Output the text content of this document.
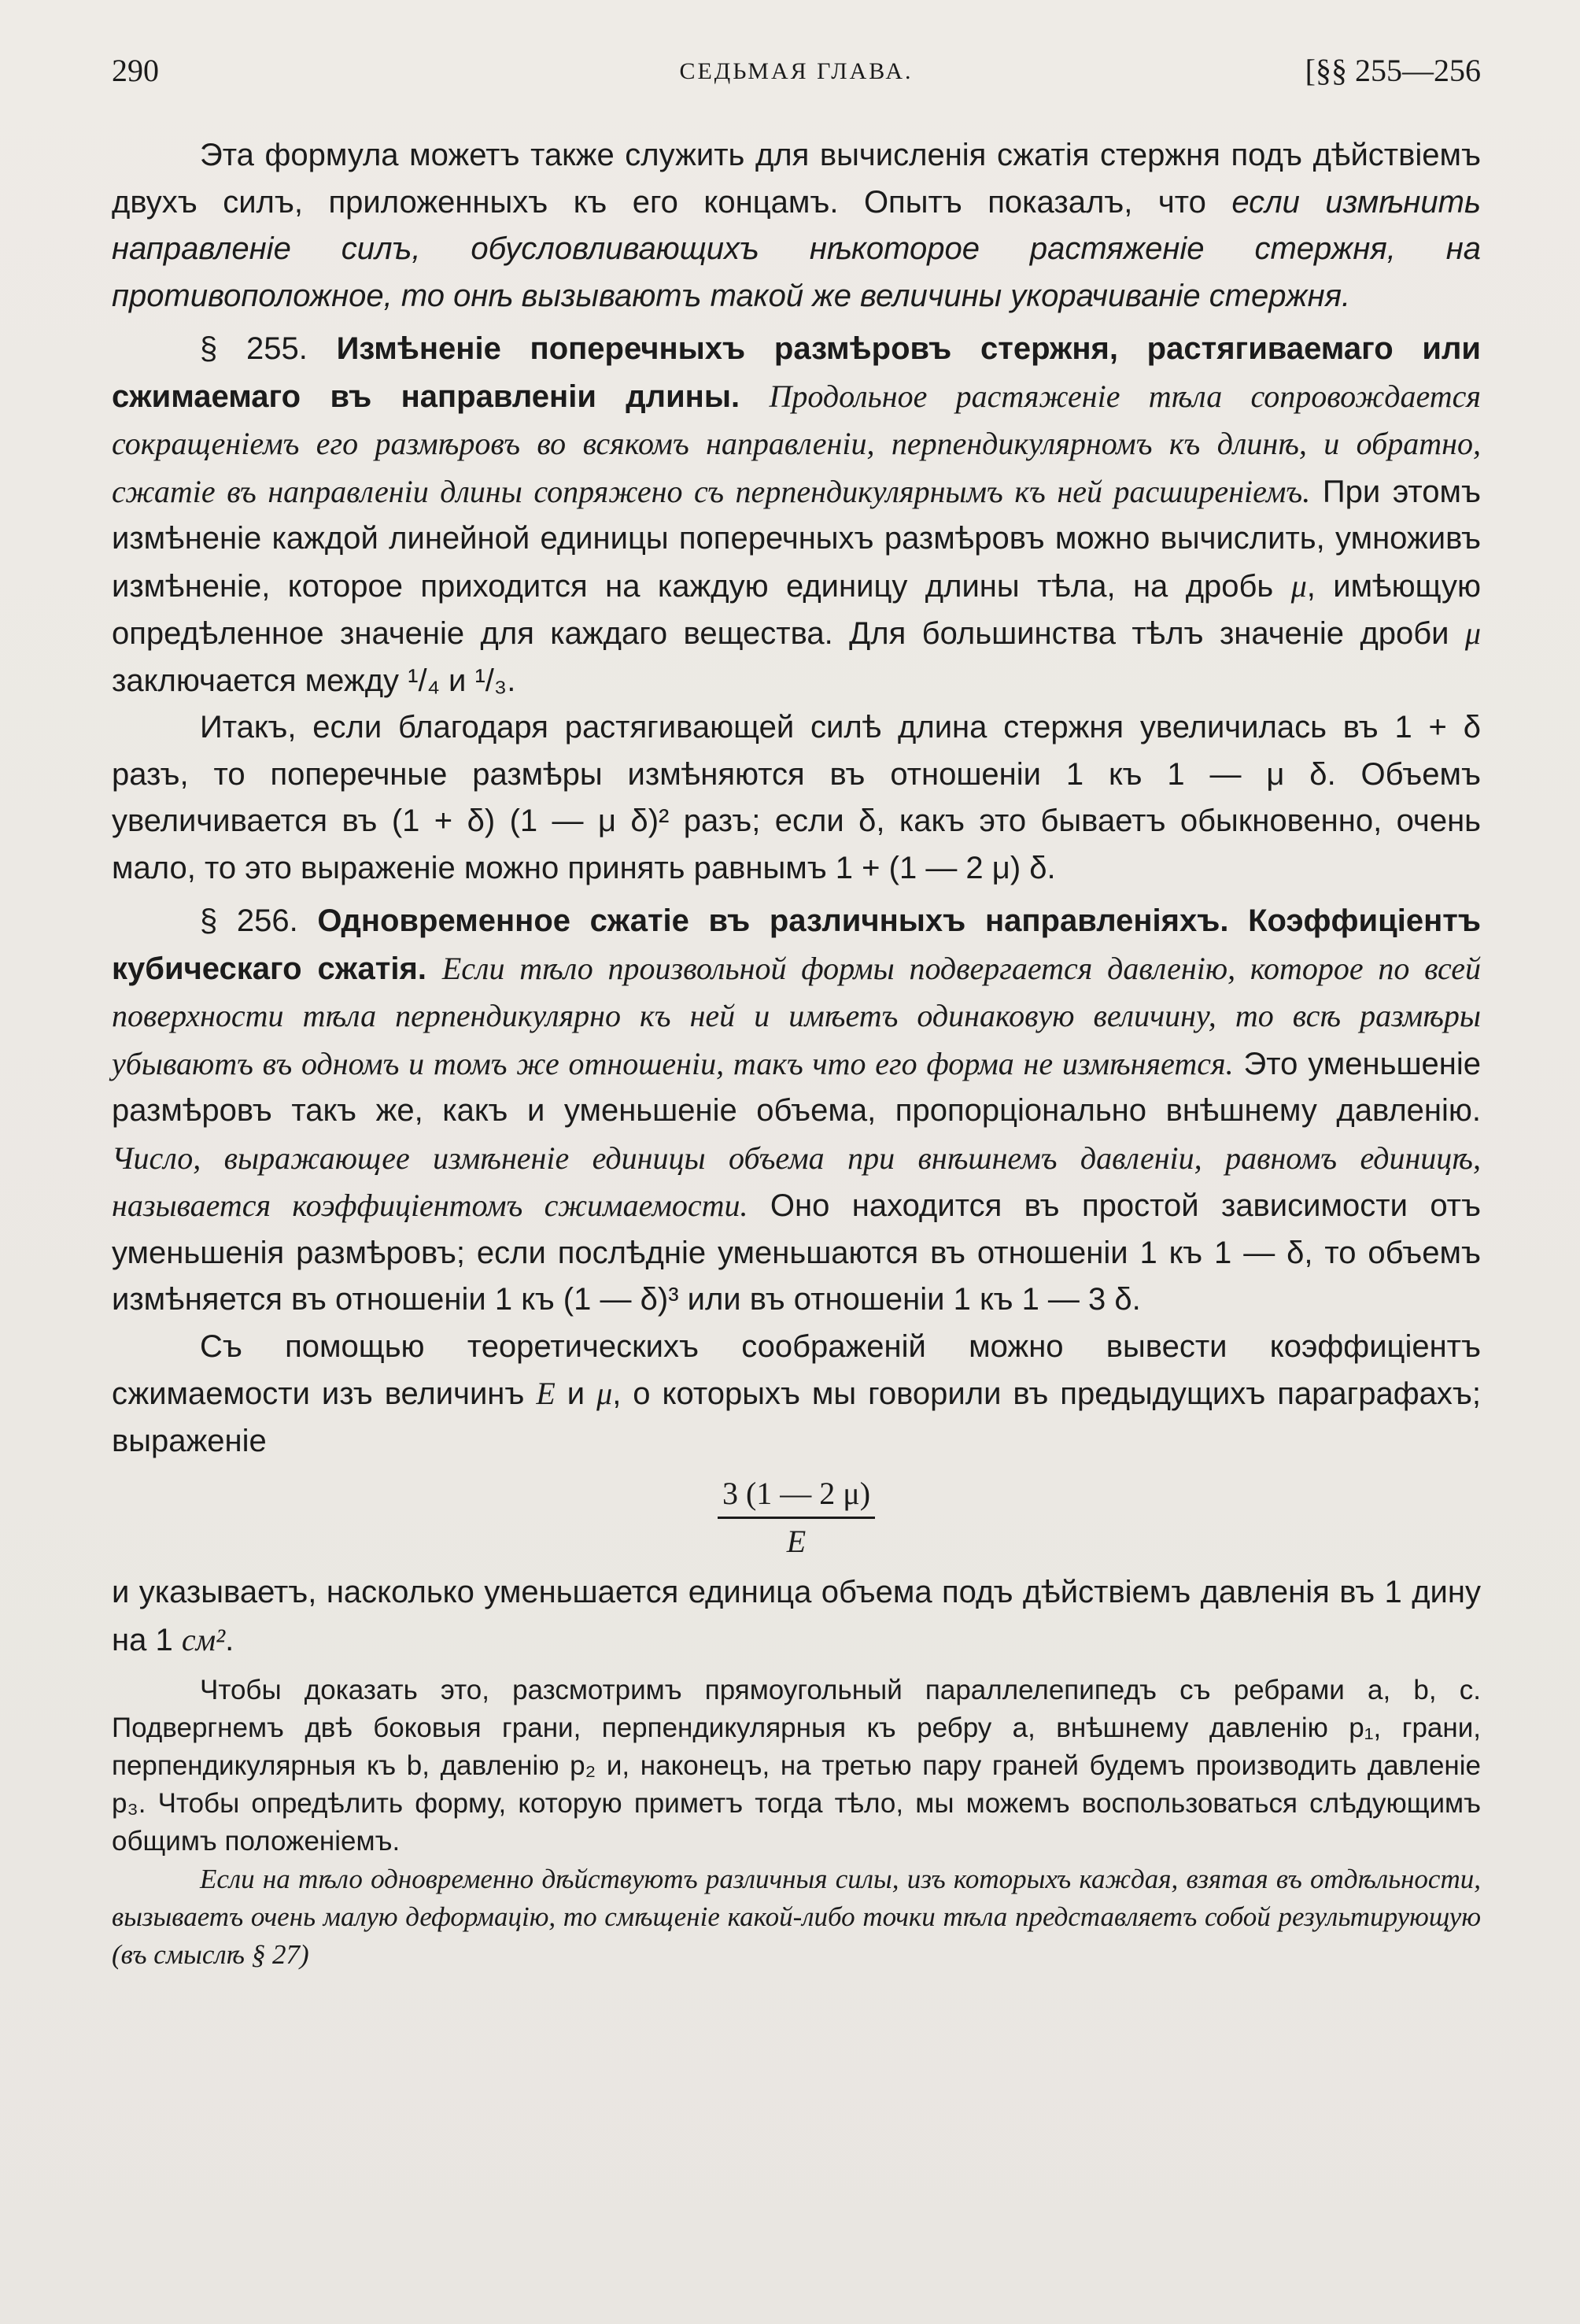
290	СЕДЬМАЯ ГЛАВА.	[§§ 255—256

Эта формула можетъ также служить для вычисленія сжатія стержня подъ дѣйствіемъ двухъ силъ, приложенныхъ къ его концамъ. Опытъ показалъ, что если измѣнить направленіе силъ, обусловливающихъ нѣкоторое растяженіе стержня, на противоположное, то онѣ вызываютъ такой же величины укорачиваніе стержня.

§ 255. Измѣненіе поперечныхъ размѣровъ стержня, растягиваемаго или сжимаемаго въ направленіи длины. Продольное растяженіе тѣла сопровождается сокращеніемъ его размѣровъ во всякомъ направленіи, перпендикулярномъ къ длинѣ, и обратно, сжатіе въ направленіи длины сопряжено съ перпендикулярнымъ къ ней расширеніемъ. При этомъ измѣненіе каждой линейной единицы поперечныхъ размѣровъ можно вычислить, умноживъ измѣненіе, которое приходится на каждую единицу длины тѣла, на дробь μ, имѣющую опредѣленное значеніе для каждаго вещества. Для большинства тѣлъ значеніе дроби μ заключается между ¹/₄ и ¹/₃.

Итакъ, если благодаря растягивающей силѣ длина стержня увеличилась въ 1 + δ разъ, то поперечные размѣры измѣняются въ отношеніи 1 къ 1 — μ δ. Объемъ увеличивается въ (1 + δ) (1 — μ δ)² разъ; если δ, какъ это бываетъ обыкновенно, очень мало, то это выраженіе можно принять равнымъ 1 + (1 — 2 μ) δ.

§ 256. Одновременное сжатіе въ различныхъ направленіяхъ. Коэффиціентъ кубическаго сжатія. Если тѣло произвольной формы подвергается давленію, которое по всей поверхности тѣла перпендикулярно къ ней и имѣетъ одинаковую величину, то всѣ размѣры убываютъ въ одномъ и томъ же отношеніи, такъ что его форма не измѣняется. Это уменьшеніе размѣровъ такъ же, какъ и уменьшеніе объема, пропорціонально внѣшнему давленію. Число, выражающее измѣненіе единицы объема при внѣшнемъ давленіи, равномъ единицѣ, называется коэффиціентомъ сжимаемости. Оно находится въ простой зависимости отъ уменьшенія размѣровъ; если послѣдніе уменьшаются въ отношеніи 1 къ 1 — δ, то объемъ измѣняется въ отношеніи 1 къ (1 — δ)³ или въ отношеніи 1 къ 1 — 3 δ.

Съ помощью теоретическихъ соображеній можно вывести коэффиціентъ сжимаемости изъ величинъ E и μ, о которыхъ мы говорили въ предыдущихъ параграфахъ; выраженіе

$\frac{3 (1 — 2 \mu)}{E}$

и указываетъ, насколько уменьшается единица объема подъ дѣйствіемъ давленія въ 1 дину на 1 см².

Чтобы доказать это, разсмотримъ прямоугольный параллелепипедъ съ ребрами a, b, c. Подвергнемъ двѣ боковыя грани, перпендикулярныя къ ребру a, внѣшнему давленію p₁, грани, перпендикулярныя къ b, давленію p₂ и, наконецъ, на третью пару граней будемъ производить давленіе p₃. Чтобы опредѣлить форму, которую приметъ тогда тѣло, мы можемъ воспользоваться слѣдующимъ общимъ положеніемъ.

Если на тѣло одновременно дѣйствуютъ различныя силы, изъ которыхъ каждая, взятая въ отдѣльности, вызываетъ очень малую деформацію, то смѣщеніе какой-либо точки тѣла представляетъ собой результирующую (въ смыслѣ § 27)
